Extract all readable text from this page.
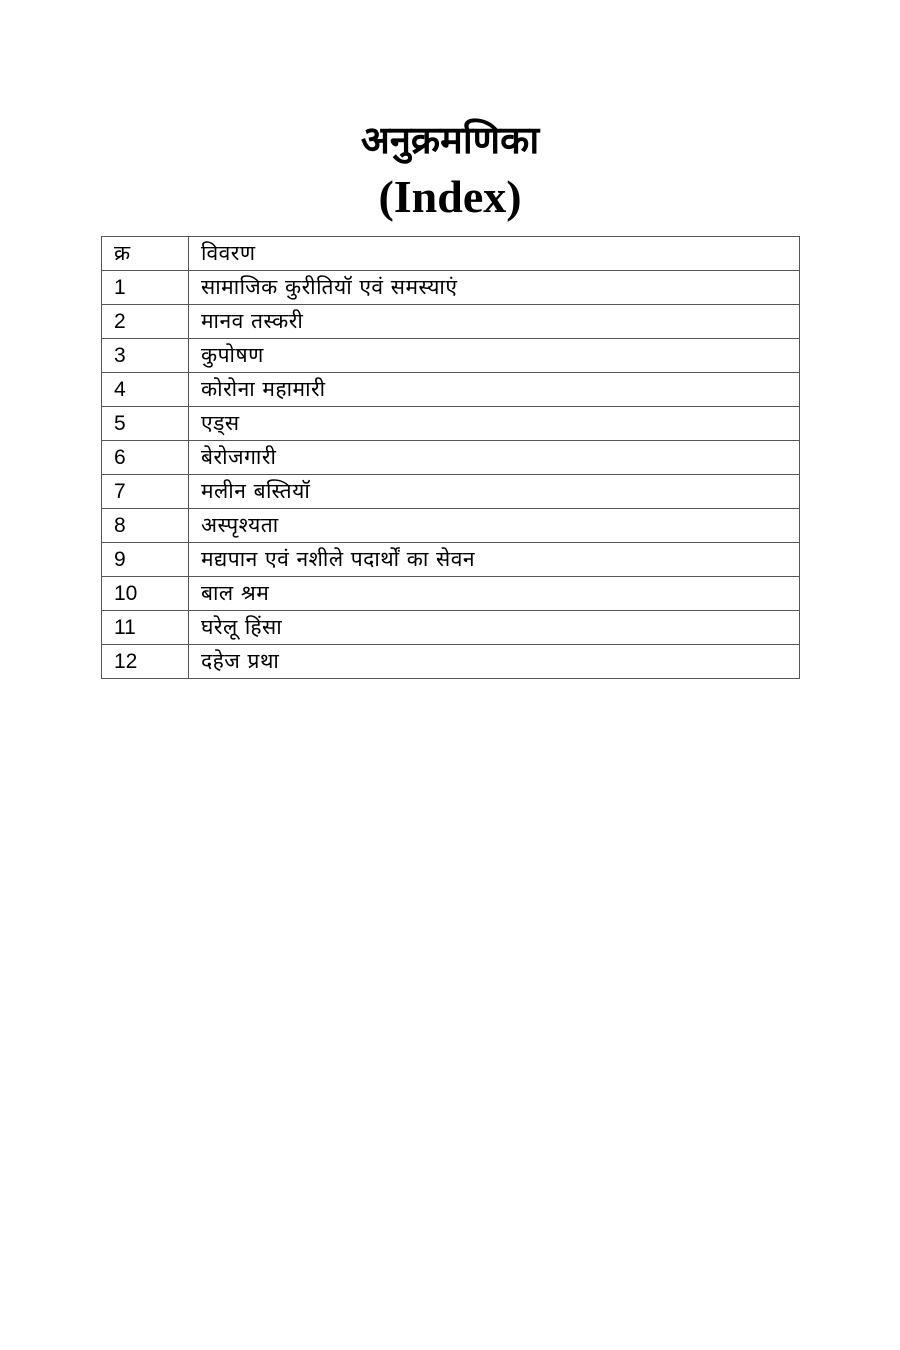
अनुक्रमणिका
(Index)
क्र	विवरण
1	सामाजिक कुरीतियॉ एवं समस्याएं
2	मानव तस्करी
3	कुपोषण
4	कोरोना महामारी
5	एड्स
6	बेरोजगारी
7	मलीन बस्तियॉ
8	अस्पृश्यता
9	मद्यपान एवं नशीले पदार्थों का सेवन
10	बाल श्रम
11	घरेलू हिंसा
12	दहेज प्रथा
